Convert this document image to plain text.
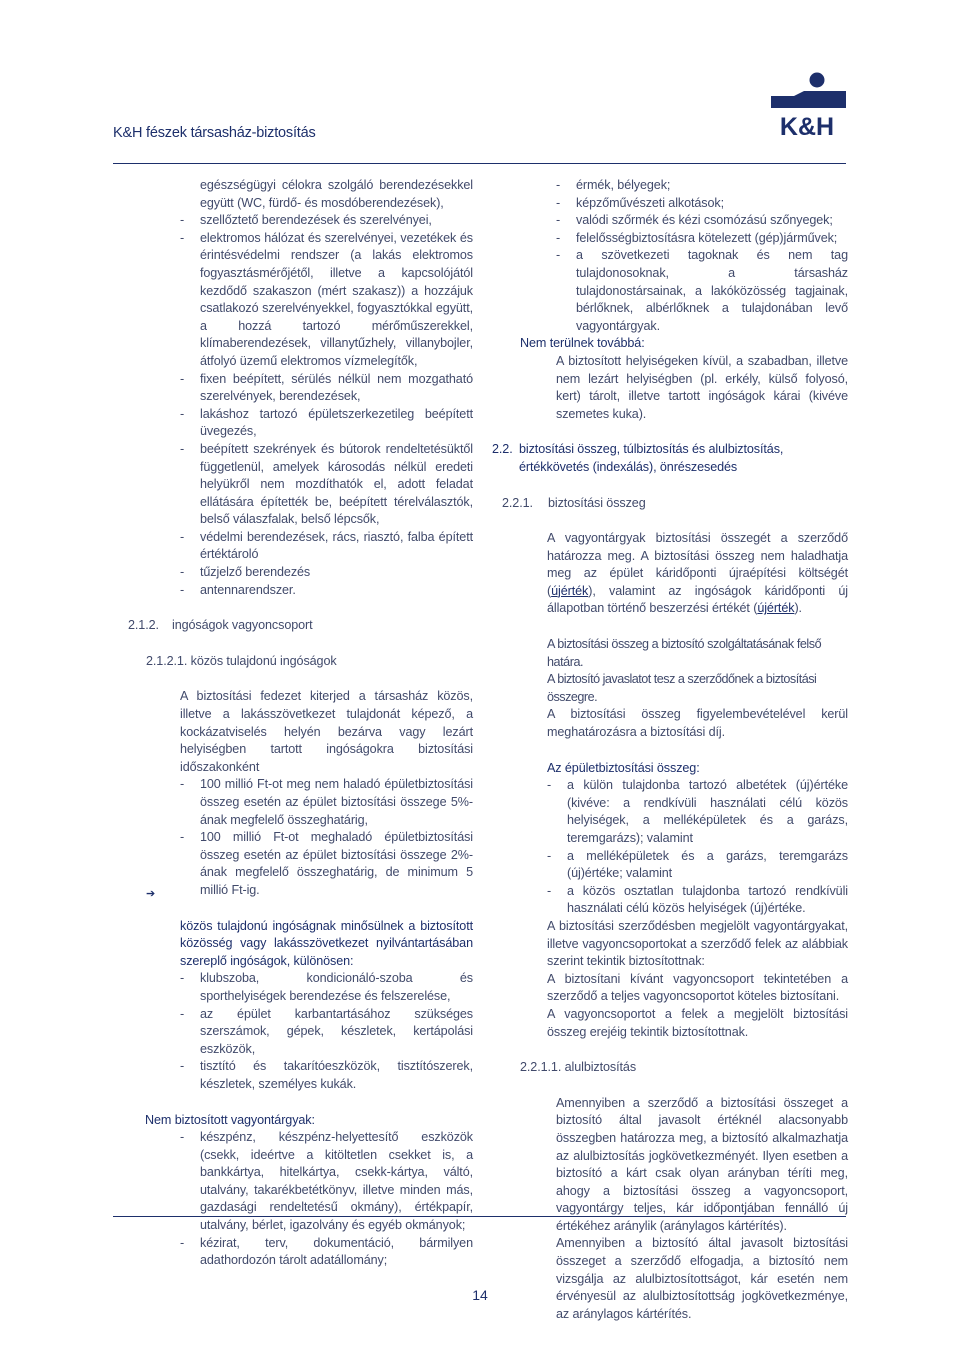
K&H fészek társasház-biztosítás	K&H

egészségügyi célokra szolgáló berendezésekkel együtt (WC, fürdő- és mosdóberendezések),

-	szellőztető berendezések és szerelvényei,
-	elektromos hálózat és szerelvényei, vezetékek és érintésvédelmi rendszer (a lakás elektromos fogyasztásmérőjétől, illetve a kapcsolójától kezdődő szakaszon (mért szakasz)) a hozzájuk csatlakozó szerelvényekkel, fogyasztókkal együtt, a hozzá tartozó mérőműszerekkel, klímaberendezések, villanytűzhely, villanybojler, átfolyó üzemű elektromos vízmelegítők,
-	fixen beépített, sérülés nélkül nem mozgatható szerelvények, berendezések,
-	lakáshoz tartozó épületszerkezetileg beépített üvegezés,
-	beépített szekrények és bútorok rendeltetésüktől függetlenül, amelyek károsodás nélkül eredeti helyükről nem mozdíthatók el, adott feladat ellátására építették be, beépített térelválasztók, belső válaszfalak, belső lépcsők,
-	védelmi berendezések, rács, riasztó, falba épített értéktároló
-	tűzjelző berendezés
-	antennarendszer.

2.1.2. ingóságok vagyoncsoport

2.1.2.1. közös tulajdonú ingóságok

A biztosítási fedezet kiterjed a társasház közös, illetve a lakásszövetkezet tulajdonát képező, a kockázatviselés helyén bezárva vagy lezárt helyiségben tartott ingóságokra biztosítási időszakonként

-	100 millió Ft-ot meg nem haladó épületbiztosítási összeg esetén az épület biztosítási összege 5%-ának megfelelő összeghatárig,
-	100 millió Ft-ot meghaladó épületbiztosítási összeg esetén az épület biztosítási összege 2%-ának megfelelő összeghatárig, de minimum 5 millió Ft-ig.

közös tulajdonú ingóságnak minősülnek a biztosított közösség vagy lakásszövetkezet nyilvántartásában szereplő ingóságok, különösen:

-	klubszoba, kondicionáló-szoba és sporthelyiségek berendezése és felszerelése,
-	az épület karbantartásához szükséges szerszámok, gépek, készletek, kertápolási eszközök,
-	tisztító és takarítóeszközök, tisztítószerek, készletek, személyes kukák.

Nem biztosított vagyontárgyak:

-	készpénz, készpénz-helyettesítő eszközök (csekk, ideértve a kitöltetlen csekket is, a bankkártya, hitelkártya, csekk-kártya, váltó, utalvány, takarékbetétkönyv, illetve minden más, gazdasági rendeltetésű okmány), értékpapír, utalvány, bérlet, igazolvány és egyéb okmányok;
-	kézirat, terv, dokumentáció, bármilyen adathordozón tárolt adatállomány;
➔
-	érmék, bélyegek;
-	képzőművészeti alkotások;
-	valódi szőrmék és kézi csomózású szőnyegek;
-	felelősségbiztosításra kötelezett (gép)járművek;
-	a szövetkezeti tagoknak és nem tag tulajdonosoknak, a társasház tulajdonostársainak, a lakóközösség tagjainak, bérlőknek, albérlőknek a tulajdonában levő vagyontárgyak.

Nem terülnek továbbá:

A biztosított helyiségeken kívül, a szabadban, illetve nem lezárt helyiségben (pl. erkély, külső folyosó, kert) tárolt, illetve tartott ingóságok kárai (kivéve szemetes kuka).

2.2. biztosítási összeg, túlbiztosítás és alulbiztosítás, értékkövetés (indexálás), önrészesedés

2.2.1. biztosítási összeg

A vagyontárgyak biztosítási összegét a szerződő határozza meg. A biztosítási összeg nem haladhatja meg az épület káridőponti újraépítési költségét (újérték), valamint az ingóságok káridőponti új állapotban történő beszerzési értékét (újérték).

A biztosítási összeg a biztosító szolgáltatásának felső határa.

A biztosító javaslatot tesz a szerződőnek a biztosítási összegre.

A biztosítási összeg figyelembevételével kerül meghatározásra a biztosítási díj.

Az épületbiztosítási összeg:

-	a külön tulajdonba tartozó albetétek (új)értéke (kivéve: a rendkívüli használati célú közös helyiségek, a melléképületek és a garázs, teremgarázs); valamint
-	a melléképületek és a garázs, teremgarázs (új)értéke; valamint
-	a közös osztatlan tulajdonba tartozó rendkívüli használati célú közös helyiségek (új)értéke.

A biztosítási szerződésben megjelölt vagyontárgyakat, illetve vagyoncsoportokat a szerződő felek az alábbiak szerint tekintik biztosítottnak:

A biztosítani kívánt vagyoncsoport tekintetében a szerződő a teljes vagyoncsoportot köteles biztosítani.

A vagyoncsoportot a felek a megjelölt biztosítási összeg erejéig tekintik biztosítottnak.

2.2.1.1. alulbiztosítás

Amennyiben a szerződő a biztosítási összeget a biztosító által javasolt értéknél alacsonyabb összegben határozza meg, a biztosító alkalmazhatja az alulbiztosítás jogkövetkezményét. Ilyen esetben a biztosító a kárt csak olyan arányban téríti meg, ahogy a biztosítási összeg a vagyoncsoport, vagyontárgy teljes, kár időpontjában fennálló új értékéhez aránylik (aránylagos kártérítés).

Amennyiben a biztosító által javasolt biztosítási összeget a szerződő elfogadja, a biztosító nem vizsgálja az alulbiztosítottságot, kár esetén nem érvényesül az alulbiztosítottság jogkövetkezménye, az aránylagos kártérítés.

14
